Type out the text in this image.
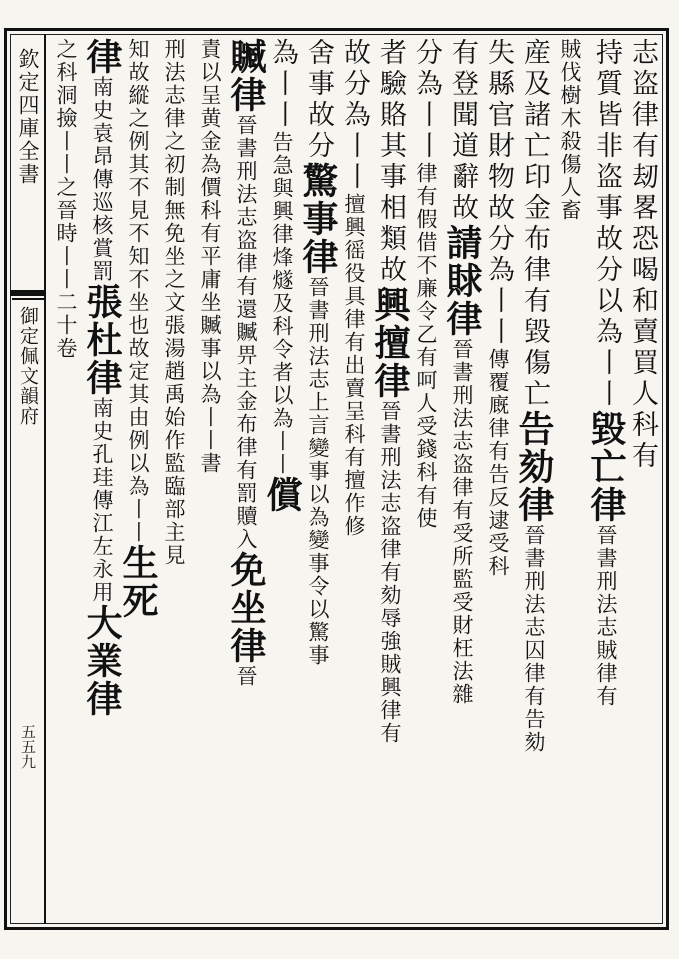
欽定四庫全書
御定佩文韻府
五五九
志盗律有刼畧恐喝和賣買人科有
持質皆非盗事故分以為丨丨毀亡律晉書刑法志賊律有
賊伐樹木殺傷人畜
産及諸亡印金布律有毀傷亡告劾律晉書刑法志囚律有告劾
失縣官財物故分為丨丨傳覆廐律有告反逮受科
有登聞道辭故請賕律晉書刑法志盗律有受所監受財枉法雜
分為丨丨律有假借不廉令乙有呵人受錢科有使
者驗賂其事相類故興擅律晉書刑法志盗律有劾辱強賊興律有
故分為丨丨擅興徭役具律有出賣呈科有擅作修
舍事故分驚事律晉書刑法志上言變事以為變事令以驚事
為丨丨告急與興律烽燧及科令者以為丨丨償
贓律晉書刑法志盗律有還贓畀主金布律有罰贖入免坐律晉
責以呈黄金為價科有平庸坐贓事以為丨丨書
刑法志律之初制無免坐之文張湯趙禹始作監臨部主見
知故縱之例其不見不知不坐也故定其由例以為丨丨生死
律南史袁昂傳巡核賞罰張杜律南史孔珪傳江左永用大業律
之科洞撿丨丨之晉時丨丨二十卷
